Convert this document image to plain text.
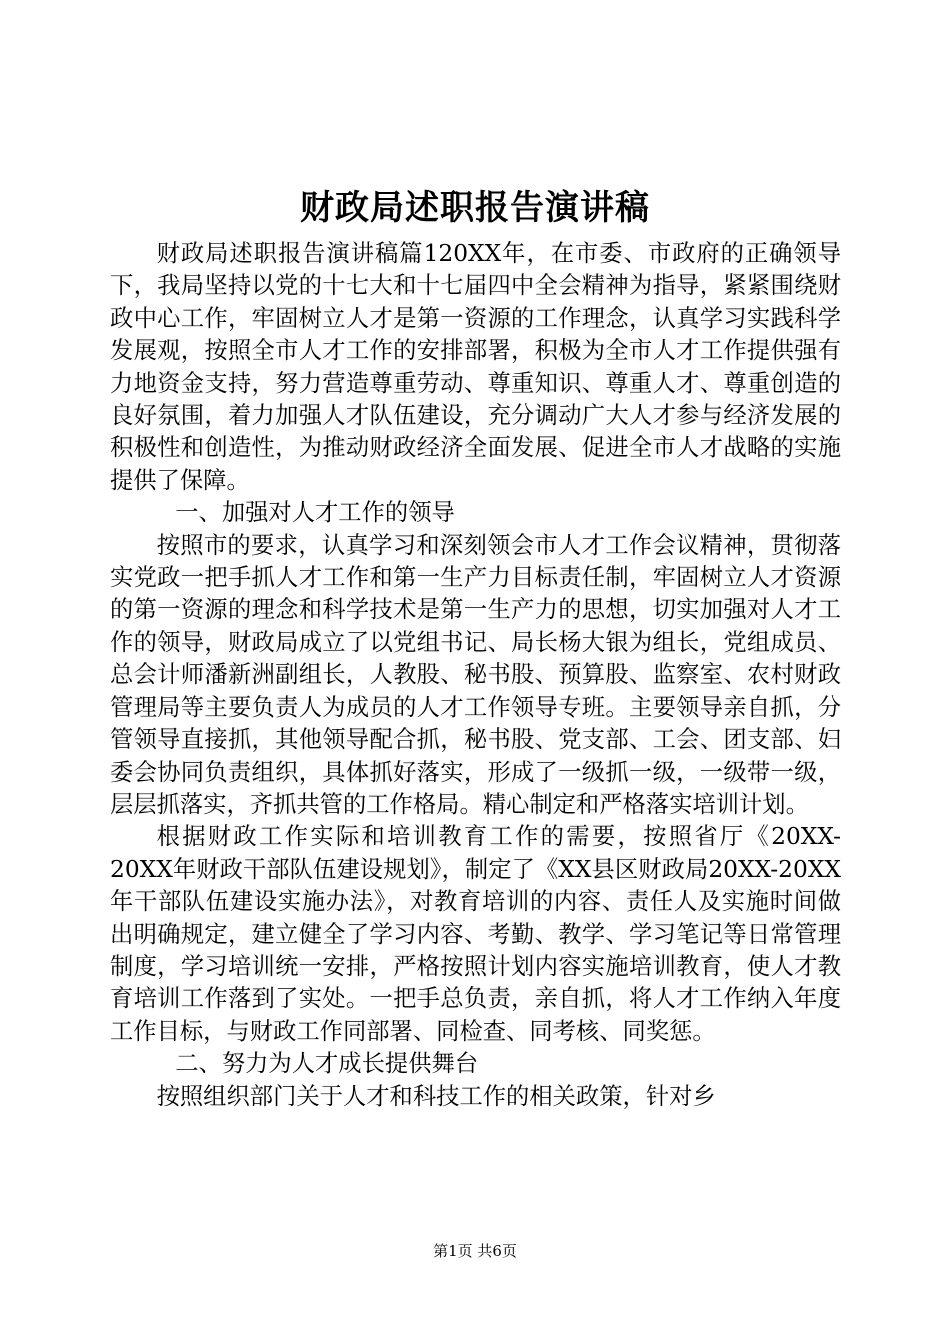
财政局述职报告演讲稿

财政局述职报告演讲稿篇120XX年，在市委、市政府的正确领导下，我局坚持以党的十七大和十七届四中全会精神为指导，紧紧围绕财政中心工作，牢固树立人才是第一资源的工作理念，认真学习实践科学发展观，按照全市人才工作的安排部署，积极为全市人才工作提供强有力地资金支持，努力营造尊重劳动、尊重知识、尊重人才、尊重创造的良好氛围，着力加强人才队伍建设，充分调动广大人才参与经济发展的积极性和创造性，为推动财政经济全面发展、促进全市人才战略的实施提供了保障。

一、加强对人才工作的领导

按照市的要求，认真学习和深刻领会市人才工作会议精神，贯彻落实党政一把手抓人才工作和第一生产力目标责任制，牢固树立人才资源的第一资源的理念和科学技术是第一生产力的思想，切实加强对人才工作的领导，财政局成立了以党组书记、局长杨大银为组长，党组成员、总会计师潘新洲副组长，人教股、秘书股、预算股、监察室、农村财政管理局等主要负责人为成员的人才工作领导专班。主要领导亲自抓，分管领导直接抓，其他领导配合抓，秘书股、党支部、工会、团支部、妇委会协同负责组织，具体抓好落实，形成了一级抓一级，一级带一级，层层抓落实，齐抓共管的工作格局。精心制定和严格落实培训计划。

根据财政工作实际和培训教育工作的需要，按照省厅《20XX-20XX年财政干部队伍建设规划》，制定了《XX县区财政局20XX-20XX年干部队伍建设实施办法》，对教育培训的内容、责任人及实施时间做出明确规定，建立健全了学习内容、考勤、教学、学习笔记等日常管理制度，学习培训统一安排，严格按照计划内容实施培训教育，使人才教育培训工作落到了实处。一把手总负责，亲自抓，将人才工作纳入年度工作目标，与财政工作同部署、同检查、同考核、同奖惩。

二、努力为人才成长提供舞台

按照组织部门关于人才和科技工作的相关政策，针对乡

第1页 共6页
